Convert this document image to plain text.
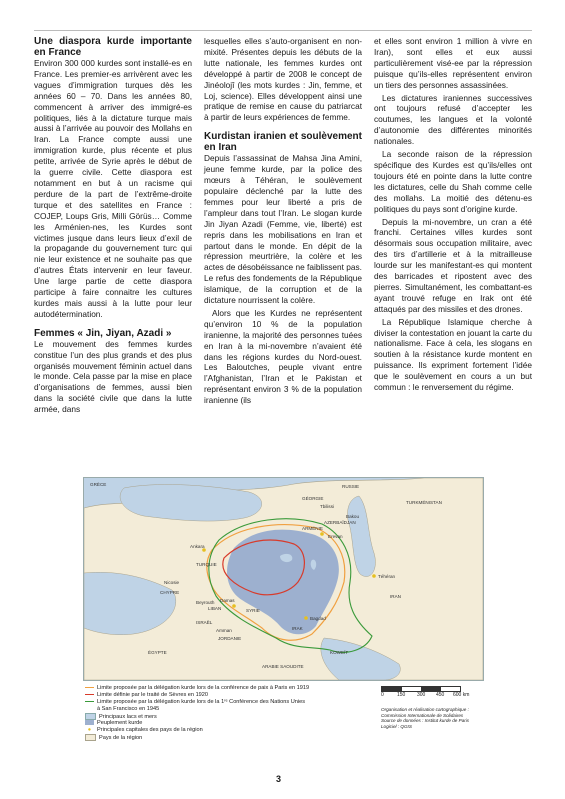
Une diaspora kurde importante en France

Environ 300 000 kurdes sont installé-es en France. Les premier-es arrivèrent avec les vagues d’immigration turques dès les années 60 – 70. Dans les années 80, commencent à arriver des immigré-es politiques, liés à la dictature turque mais aussi à l’arrivée au pouvoir des Mollahs en Iran. La France compte aussi une immigration kurde, plus récente et plus petite, arrivée de Syrie après le début de la guerre civile. Cette diaspora est notamment en but à un racisme qui perdure de la part de l’extrême-droite turque et des satellites en France : COJEP, Loups Gris, Milli Görüs… Comme les Arménien-nes, les Kurdes sont victimes jusque dans leurs lieux d’exil de la propagande du gouvernement turc qui nie leur existence et ne souhaite pas que d’autres États intervenir en leur faveur. Une large partie de cette diaspora participe à faire connaitre les cultures kurdes mais aussi à la lutte pour leur autodétermination.

Femmes « Jin, Jiyan, Azadi »

Le mouvement des femmes kurdes constitue l’un des plus grands et des plus organisés mouvement féminin actuel dans le monde. Cela passe par la mise en place d’organisations de femmes, aussi bien dans la société civile que dans la lutte armée, dans

lesquelles elles s’auto-organisent en non-mixité. Présentes depuis les débuts de la lutte nationale, les femmes kurdes ont développé à partir de 2008 le concept de Jinéolojî (les mots kurdes : Jin, femme, et Loj, science). Elles développent ainsi une pratique de remise en cause du patriarcat à partir de leurs expériences de femme.

Kurdistan iranien et soulèvement en Iran

Depuis l’assassinat de Mahsa Jina Amini, jeune femme kurde, par la police des mœurs à Téhéran, le soulèvement populaire déclenché par la lutte des femmes pour leur liberté a pris de l’ampleur dans tout l’Iran. Le slogan kurde Jin Jiyan Azadi (Femme, vie, liberté) est repris dans les mobilisations en Iran et partout dans le monde. En dépit de la répression meurtrière, la colère et les actes de désobéissance ne faiblissent pas. Le refus des fondements de la République islamique, de la corruption et de la dictature nourrissent la colère.

Alors que les Kurdes ne représentent qu’environ 10 % de la population iranienne, la majorité des personnes tuées en Iran à la mi-novembre n’avaient été dans les régions kurdes du Nord-ouest. Les Baloutches, peuple vivant entre l’Afghanistan, l’Iran et le Pakistan et représentant environ 3 % de la population iranienne (ils

et elles sont environ 1 million à vivre en Iran), sont elles et eux aussi particulièrement visé-ee par la répression puisque qu’ils-elles représentent environ un tiers des personnes assassinées.

Les dictatures iraniennes successives ont toujours refusé d’accepter les coutumes, les langues et la volonté d’autonomie des différentes minorités nationales.

La seconde raison de la répression spécifique des Kurdes est qu’ils/elles ont toujours été en pointe dans la lutte contre les dictatures, celle du Shah comme celle des mollahs. La moitié des détenu-es politiques du pays sont d’origine kurde.

Depuis la mi-novembre, un cran a été franchi. Certaines villes kurdes sont désormais sous occupation militaire, avec des tirs d’artillerie et à la mitrailleuse lourde sur les manifestant-es qui montent des barricades et ripostent avec des pierres. Simultanément, les combattant-es ayant trouvé refuge en Irak ont été attaqués par des missiles et des drones.

La République Islamique cherche à diviser la contestation en jouant la carte du nationalisme. Face à cela, les slogans en soutien à la résistance kurde montent en puissance. Ils expriment fortement l’idée que le soulèvement en cours a un but commun : le renversement du régime.

GRÈCE
GÉORGIE
RUSSIE
ARMÉNIE
AZERBAÏDJAN
TURKMÉNISTAN
TURQUIE
SYRIE
IRAK
IRAN
KOWEÏT
CHYPRE
LIBAN
ISRAËL
JORDANIE
ÉGYPTE
ARABIE SAOUDITE
Ankara
Téhéran
Bagdad
Damas
Erevan
Tbilissi
Bakou
Beyrouth
Nicosie
Amman
Limite proposée par la délégation kurde lors de la conférence de paix à Paris en 1919
Limite définie par le traité de Sèvres en 1920
Limite proposée par la délégation kurde lors de la 1ʳᵉ Conférence des Nations Unies
à San Francisco en 1945
Principaux lacs et mers
Peuplement kurde
● Principales capitales des pays de la région
Pays de la région
0	150 300 450 600 km
Organisation et réalisation cartographique :
Commission Internationale de Solidaires
Source de données : Institut kurde de Paris
Logiciel : QGIS
3
